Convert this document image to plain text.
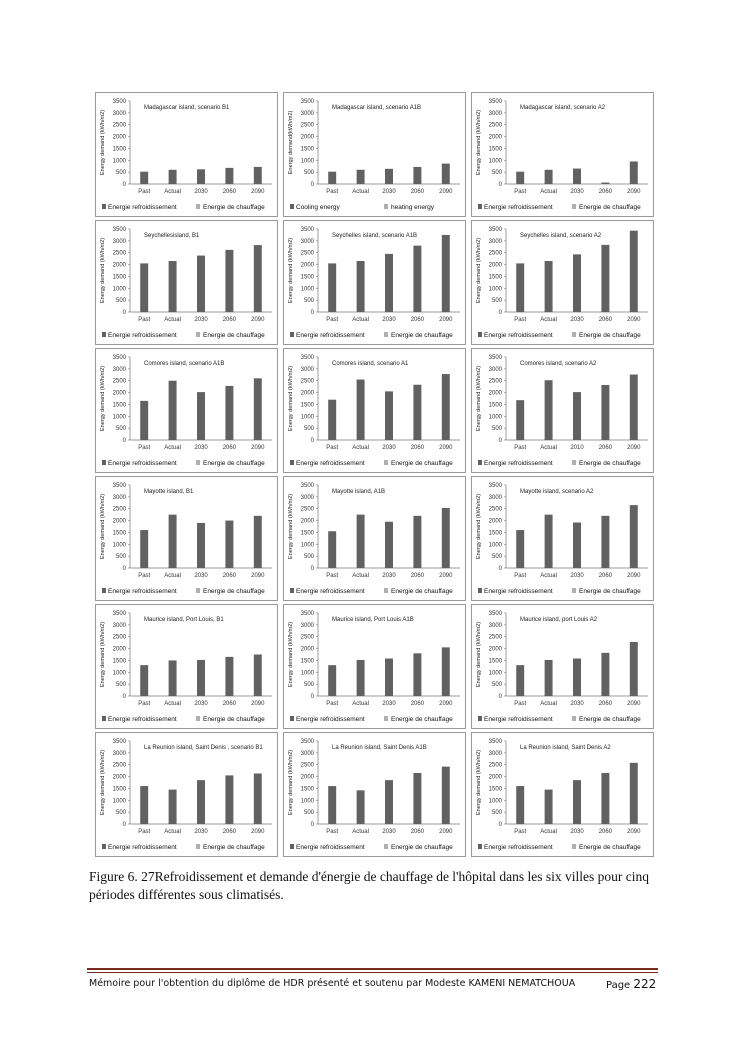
0
500
1000
1500
2000
2500
3000
3500
Madagascar island, scenario B1
Energy demand (kWh/m2)
Past Actual 2030	2060	2090
Energie refroidissement	Energie de chauffage
0
500
1000
1500
2000
2500
3000
3500
Madagascar island, scenario A1B
Energy demand(kWh/m2)
Past Actual 2030	2060	2090
Cooling energy	heating energy
0
500
1000
1500
2000
2500
3000
3500
Madagascar island, scenario A2
Energy demand (kWh/m2)
Past Actual 2030	2060	2090
Energie refroidissement	Energie de chauffage
0
500
1000
1500
2000
2500
3000
3500
Seychellesisland, B1
Energy demand (kWh/m2)
Past Actual 2030	2060	2090
Energie refroidissement	Energie de chauffage
0
500
1000
1500
2000
2500
3000
3500
Seychelles island, scenario A1B
Energy demand (kWh/m2)
Past Actual 2030	2060	2090
Energie refroidissement	Energie de chauffage
0
500
1000
1500
2000
2500
3000
3500
Seychelles island, scenario A2
Energy demand (kWh/m2)
Past Actual 2030	2060	2090
Energie refroidissement	Energie de chauffage
0
500
1000
1500
2000
2500
3000
3500
Comores island, scenario A1B
Energy demand (kWh/m2)
Past Actual 2030	2060	2090
Energie refroidissement	Energie de chauffage
0
500
1000
1500
2000
2500
3000
3500
Comores island, scenario A1
Energy demand (kWh/m2)
Past Actual 2030	2060	2090
Energie refroidissement	Energie de chauffage
0
500
1000
1500
2000
2500
3000
3500
Comores island, scenario A2
Energy demand (kWh/m2)
Past Actual 2010	2060	2090
Energie refroidissement	Energie de chauffage
0
500
1000
1500
2000
2500
3000
3500
Mayotte island, B1
Energy demand (kWh/m2)
Past Actual 2030	2060	2090
Energie refroidissement	Energie de chauffage
0
500
1000
1500
2000
2500
3000
3500
Mayotte island, A1B
Energy demand (kWh/m2)
Past Actual 2030	2060	2090
Energie refroidissement	Energie de chauffage
0
500
1000
1500
2000
2500
3000
3500
Mayotte island, scenario A2
Energy demand (kWh/m2)
Past Actual 2030	2060	2090
Energie refroidissement	Energie de chauffage
0
500
1000
1500
2000
2500
3000
3500
Maurice island, Port Louis, B1
Energy demand (kWh/m2)
Past Actual 2030	2060	2090
Energie refroidissement	Energie de chauffage
0
500
1000
1500
2000
2500
3000
3500
Maurice island, Port Louis A1B
Energy demand (kWh/m2)
Past Actual 2030	2060	2090
Energie refroidissement	Energie de chauffage
0
500
1000
1500
2000
2500
3000
3500
Maurice island, port Louis A2
Energy demand (kWh/m2)
Past Actual 2030	2060	2090
Energie refroidissement	Energie de chauffage
0
500
1000
1500
2000
2500
3000
3500
La Reunion island, Saint Denis , scenario B1
Energy demand (kWh/m2)
Past Actual 2030	2060	2090
Energie refroidissement	Energie de chauffage
0
500
1000
1500
2000
2500
3000
3500
La Reunion island, Saint Denis A1B
Energy demand (kWh/m2)
Past Actual 2030	2060	2090
Energie refroidissement	Energie de chauffage
0
500
1000
1500
2000
2500
3000
3500
La Reunion island, Saint Denis A2
Energy demand (kWh/m2)
Past Actual 2030	2060	2090
Energie refroidissement	Energie de chauffage

Figure 6. 27Refroidissement et demande d'énergie de chauffage de l'hôpital dans les six villes pour cinq périodes différentes sous climatisés.

Mémoire pour l'obtention du diplôme de HDR présenté et soutenu par Modeste KAMENI NEMATCHOUA	Page 222
